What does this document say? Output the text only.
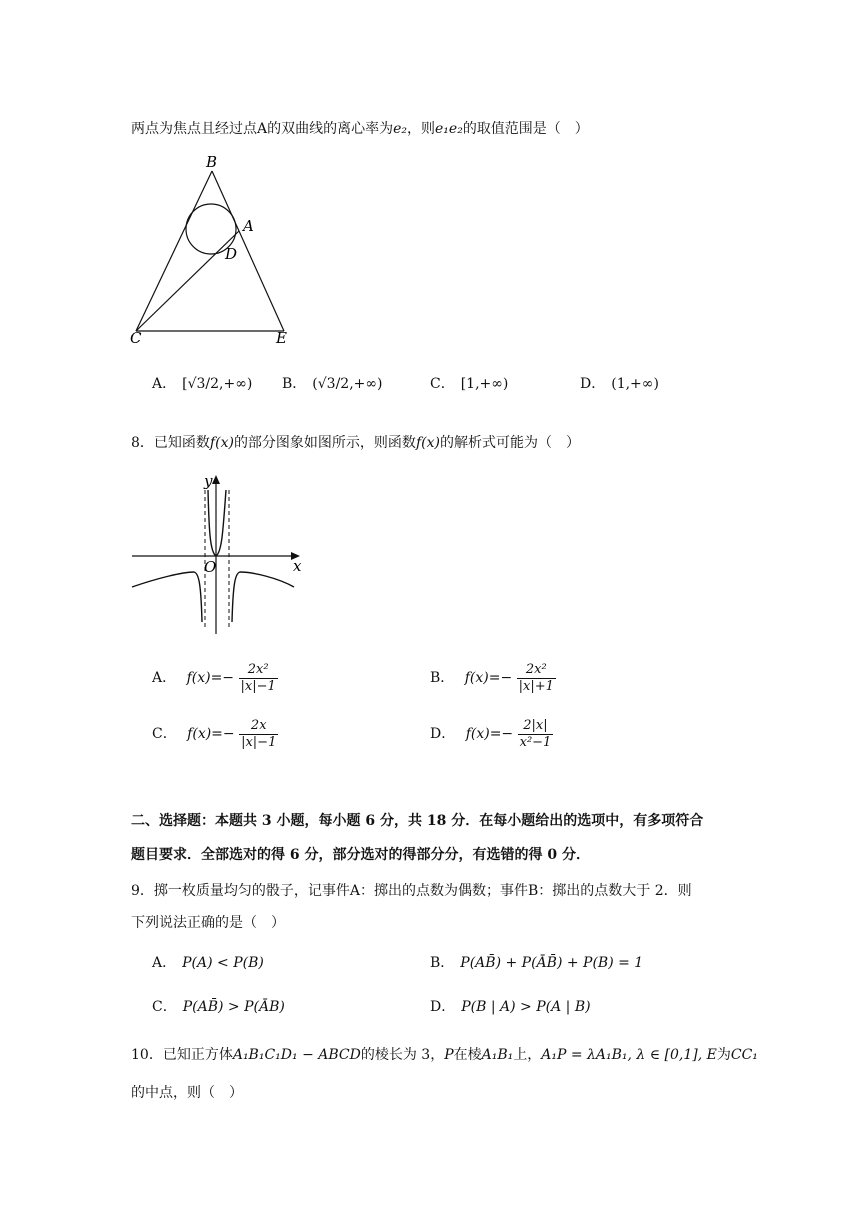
两点为焦点且经过点A的双曲线的离心率为e₂，则e₁e₂的取值范围是（　）
B
A
D
C	E
A． [√3/2,+∞) B． (√3/2,+∞)	C． [1,+∞)	D． (1,+∞)
8．已知函数f(x)的部分图象如图所示，则函数f(x)的解析式可能为（　）
y
x
O
A． $f(x)=- \frac{\text{2x²}}{|x|-1}$	B． $f(x)=- \frac{\text{2x²}}{|x|+1}$
C． $f(x)=- \frac{2x}{|x|-1}$	D． $f(x)=- \frac{2|x|}{\text{x²−1}}$
二、选择题：本题共 3 小题，每小题 6 分，共 18 分．在每小题给出的选项中，有多项符合
题目要求．全部选对的得 6 分，部分选对的得部分分，有选错的得 0 分．
9．掷一枚质量均匀的骰子，记事件A：掷出的点数为偶数；事件B：掷出的点数大于 2．则
下列说法正确的是（　）
A． P(A) < P(B)	B． P(AB̄) + P(ĀB̄) + P(B) = 1
C． P(AB̄) > P(ĀB)	D． P(B | A) > P(A | B)
10．已知正方体A₁B₁C₁D₁ − ABCD的棱长为 3，P在棱A₁B₁上，A₁P = λA₁B₁, λ ∈ [0,1], E为CC₁
的中点，则（　）
